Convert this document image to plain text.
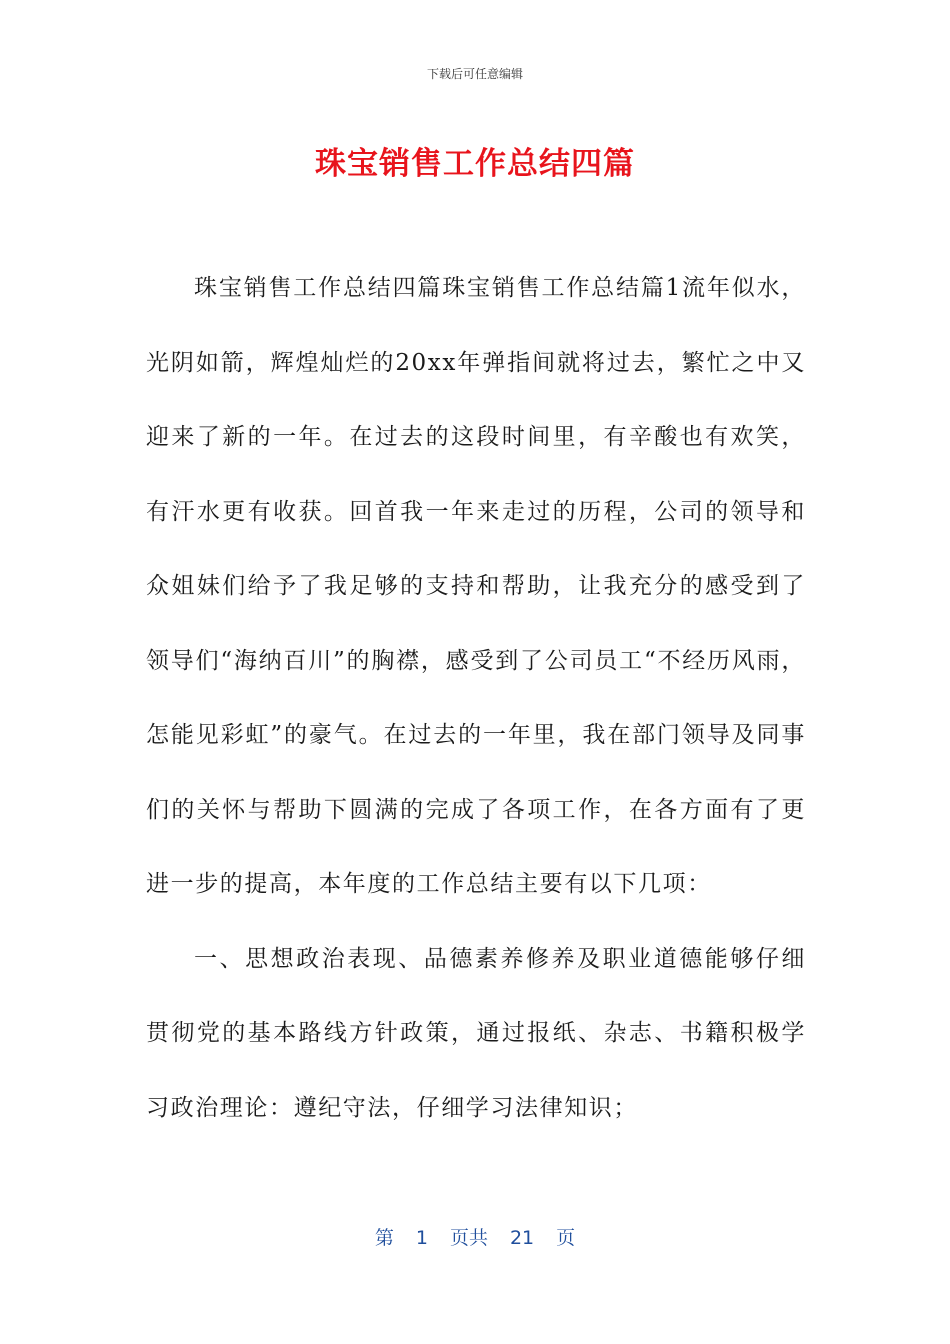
下载后可任意编辑
珠宝销售工作总结四篇

珠宝销售工作总结四篇珠宝销售工作总结篇1流年似水，光阴如箭，辉煌灿烂的20xx年弹指间就将过去，繁忙之中又迎来了新的一年。在过去的这段时间里，有辛酸也有欢笑，有汗水更有收获。回首我一年来走过的历程，公司的领导和众姐妹们给予了我足够的支持和帮助，让我充分的感受到了领导们“海纳百川”的胸襟，感受到了公司员工“不经历风雨，怎能见彩虹”的豪气。在过去的一年里，我在部门领导及同事们的关怀与帮助下圆满的完成了各项工作，在各方面有了更进一步的提高，本年度的工作总结主要有以下几项：

一、思想政治表现、品德素养修养及职业道德能够仔细贯彻党的基本路线方针政策，通过报纸、杂志、书籍积极学习政治理论：遵纪守法，仔细学习法律知识；

第 1 页共 21 页
